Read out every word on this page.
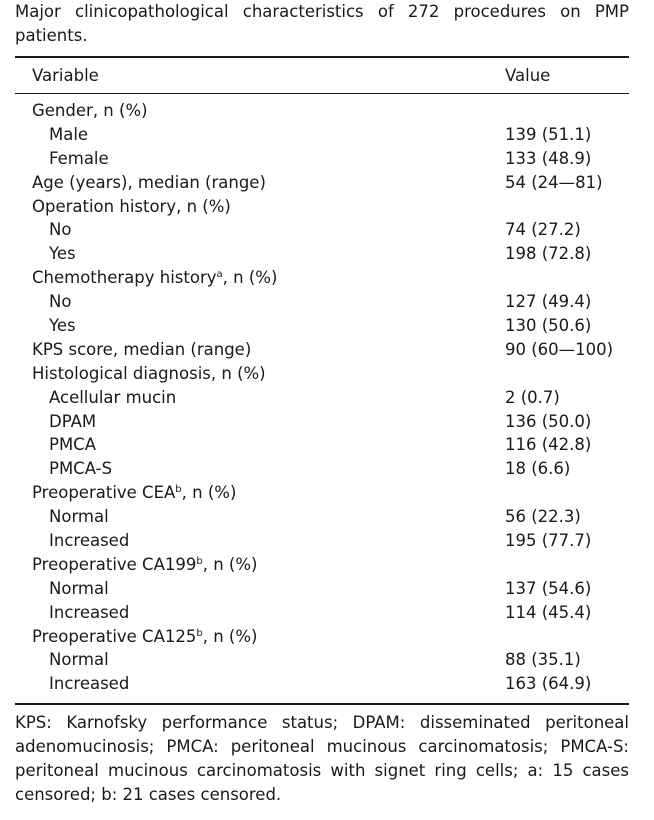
Major clinicopathological characteristics of 272 procedures on PMP patients.
Variable	Value
Gender, n (%)
Male	139 (51.1)
Female	133 (48.9)
Age (years), median (range)	54 (24—81)
Operation history, n (%)
No	74 (27.2)
Yes	198 (72.8)
Chemotherapy history$^a$, n (%)
No	127 (49.4)
Yes	130 (50.6)
KPS score, median (range)	90 (60—100)
Histological diagnosis, n (%)
Acellular mucin	2 (0.7)
DPAM	136 (50.0)
PMCA	116 (42.8)
PMCA-S	18 (6.6)
Preoperative CEA$^b$, n (%)
Normal	56 (22.3)
Increased	195 (77.7)
Preoperative CA199$^b$, n (%)
Normal	137 (54.6)
Increased	114 (45.4)
Preoperative CA125$^b$, n (%)
Normal	88 (35.1)
Increased	163 (64.9)
KPS: Karnofsky performance status; DPAM: disseminated peritoneal adenomucinosis; PMCA: peritoneal mucinous carcinomatosis; PMCA-S: peritoneal mucinous carcinomatosis with signet ring cells; a: 15 cases censored; b: 21 cases censored.
